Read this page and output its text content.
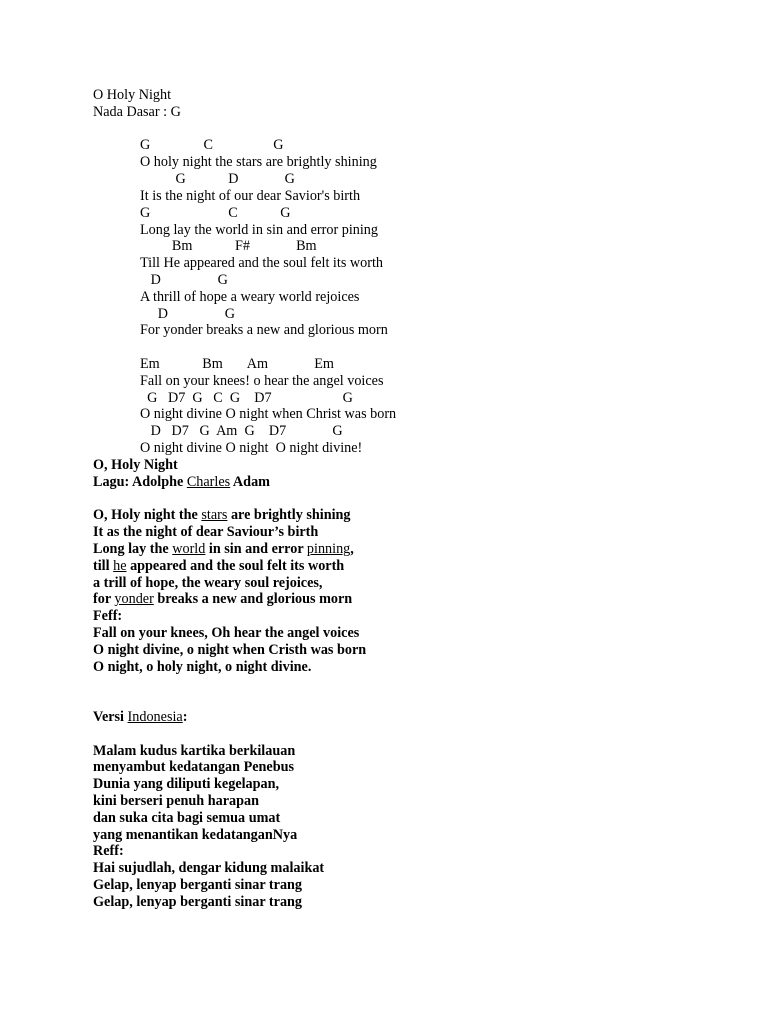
O Holy Night
Nada Dasar : G
G               C                 G
O holy night the stars are brightly shining
G            D             G
It is the night of our dear Savior's birth
G                      C            G
Long lay the world in sin and error pining
Bm            F#             Bm
Till He appeared and the soul felt its worth
D                G
A thrill of hope a weary world rejoices
D                G
For yonder breaks a new and glorious morn
Em            Bm       Am             Em
Fall on your knees! o hear the angel voices
G   D7  G   C  G    D7                    G
O night divine O night when Christ was born
D   D7   G  Am  G    D7             G
O night divine O night  O night divine!
O, Holy Night
Lagu: Adolphe Charles Adam
O, Holy night the stars are brightly shining
It as the night of dear Saviour’s birth
Long lay the world in sin and error pinning,
till he appeared and the soul felt its worth
a trill of hope, the weary soul rejoices,
for yonder breaks a new and glorious morn
Feff:
Fall on your knees, Oh hear the angel voices
O night divine, o night when Cristh was born
O night, o holy night, o night divine.
Versi Indonesia:
Malam kudus kartika berkilauan
menyambut kedatangan Penebus
Dunia yang diliputi kegelapan,
kini berseri penuh harapan
dan suka cita bagi semua umat
yang menantikan kedatanganNya
Reff:
Hai sujudlah, dengar kidung malaikat
Gelap, lenyap berganti sinar trang
Gelap, lenyap berganti sinar trang
